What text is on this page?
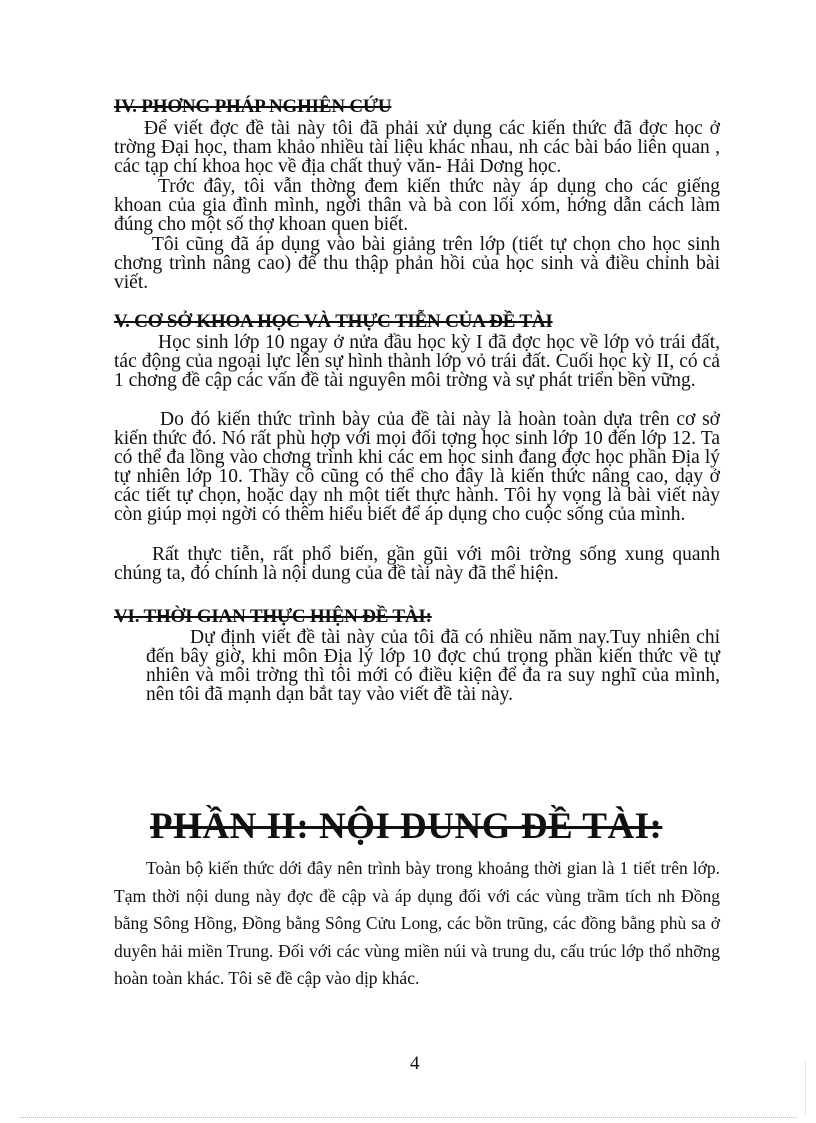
IV. PHƠNG PHÁP NGHIÊN CỨU

Để viết đợc đề tài này tôi đã phải xử dụng các kiến thức đã đợc học ở trờng Đại học, tham khảo nhiều tài liệu khác nhau, nh các bài báo liên quan , các tạp chí khoa học về địa chất thuỷ văn- Hải Dơng học.

Trớc đây, tôi vẫn thờng đem kiến thức này áp dụng cho các giếng khoan của gia đình mình, ngời thân và bà con lối xóm, hớng dẫn cách làm đúng cho một số thợ khoan quen biết.

Tôi cũng đã áp dụng vào bài giảng trên lớp (tiết tự chọn cho học sinh chơng trình nâng cao) để thu thập phản hồi của học sinh và điều chỉnh bài viết.

V. CƠ SỞ KHOA HỌC VÀ THỰC TIỄN CỦA ĐỀ TÀI

Học sinh lớp 10 ngay ở nửa đầu học kỳ I đã đợc học về lớp vỏ trái đất, tác động của ngoại lực lên sự hình thành lớp vỏ trái đất. Cuối học kỳ II, có cả 1 chơng đề cập các vấn đề tài nguyên môi trờng và sự phát triển bền vững.

Do đó kiến thức trình bày của đề tài này là hoàn toàn dựa trên cơ sở kiến thức đó. Nó rất phù hợp với mọi đối tợng học sinh lớp 10 đến lớp 12. Ta có thể đa lồng vào chơng trình khi các em học sinh đang đợc học phần Địa lý tự nhiên lớp 10. Thầy cô cũng có thể cho đây là kiến thức nâng cao, dạy ở các tiết tự chọn, hoặc dạy nh một tiết thực hành. Tôi hy vọng là bài viết này còn giúp mọi ngời có thêm hiểu biết để áp dụng cho cuộc sống của mình.

Rất thực tiễn, rất phổ biến, gần gũi với môi trờng sống xung quanh chúng ta, đó chính là nội dung của đề tài này đã thể hiện.

VI. THỜI GIAN THỰC HIỆN ĐỀ TÀI:

Dự định viết đề tài này của tôi đã có nhiều năm nay.Tuy nhiên chỉ đến bây giờ, khi môn Địa lý lớp 10 đợc chú trọng phần kiến thức về tự nhiên và môi trờng thì tôi mới có điều kiện để đa ra suy nghĩ của mình, nên tôi đã mạnh dạn bắt tay vào viết đề tài này.

PHẦN II: NỘI DUNG ĐỀ TÀI:

Toàn bộ kiến thức dới đây nên trình bày trong khoảng thời gian là 1 tiết trên lớp. Tạm thời nội dung này đợc đề cập và áp dụng đối với các vùng trầm tích nh Đồng bằng Sông Hồng, Đồng bằng Sông Cửu Long, các bồn trũng, các đồng bằng phù sa ở duyên hải miền Trung. Đối với các vùng miền núi và trung du, cấu trúc lớp thổ nhỡng hoàn toàn khác. Tôi sẽ đề cập vào dịp khác.

4
